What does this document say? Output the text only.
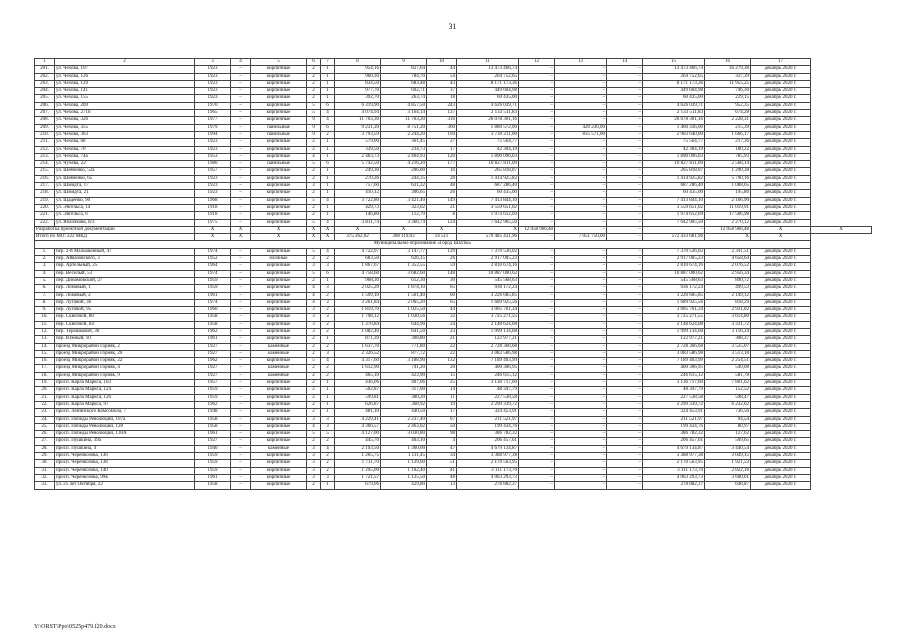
31
1	2	3	4	5	6	7	8	9	10	11	12	13	14	15	16	17	
201.	ул. Чехова, 107	1923	–	кирпичные	2	1	954,16	827,64	44	13 473 466,74	–	–	–	13 473 466,74	16 279,38	декабрь 2020 г.	
202.	ул. Чехова, 126	1923	–	кирпичные	2	1	960,30	784,70	54	264 752,65	–	–	–	264 752,65	337,39	декабрь 2020 г.	
203.	ул. Чехова, 129	1923	–	кирпичные	2	1	834,50	683,48	43	8 171 173,36	–	–	–	8 171 173,36	11 955,25	декабрь 2020 г.	
204.	ул. Чехова, 141	1923	–	кирпичные	2	1	977,70	602,71	37	449 604,98	–	–	–	449 604,98	746,30	декабрь 2020 г.	
205.	ул. Чехова, 155	1923	–	кирпичные	2	1	392,70	263,74	18	60 435,00	–	–	–	60 435,00	229,15	декабрь 2020 г.	
206.	ул. Чехова, 269	1970	–	кирпичные	5	6	6 319,90	4 857,50	243	4 626 039,71	–	–	–	4 626 039,71	952,35	декабрь 2020 г.	
207.	ул. Чехова, 271б	1965	–	кирпичные	5	4	4 074,94	3 164,14	137	2 133 511,83	–	–	–	2 133 511,83	674,28	декабрь 2020 г.	
208.	ул. Чехова, 326	1977	–	кирпичные	9	4	11 703,30	11 703,20	316	26 078 301,16	–	–	–	26 078 301,16	2 228,31	декабрь 2020 г.	
209.	ул. Чехова, 355	1979	–	панельные	9	6	9 231,20	8 751,20	360	1 880 572,00	–	420 236,00	–	1 460 336,00	215,39	декабрь 2020 г.	
210.	ул. Чехова, 363	1994	–	панельные	9	2	3 793,59	2 244,20	194	3 739 211,00	–	835 571,00	–	2 903 640,00	1 666,17	декабрь 2020 г.	
211.	ул. Чехова, 68	1923	–	кирпичные	2	1	579,00	361,45	27	75 564,77	–	–	–	75 564,77	217,36	декабрь 2020 г.	
212.	ул. Чехова, 70	1923	–	кирпичные	2	1	339,50	234,73	17	42 304,19	–	–	–	42 304,19	180,22	декабрь 2020 г.	
213.	ул. Чехова, 74а	1953	–	кирпичные	4	1	2 463,73	2 404,93	120	1 890 096,03	–	–	–	1 890 096,03	785,93	декабрь 2020 г.	
214.	ул. Чучева, 22	1980	–	панельные	5	6	5 742,50	4 216,20	177	10 827 811,09	–	–	–	10 827 811,09	2 568,14	декабрь 2020 г.	
215.	ул. Шевченко, 52а	1957	–	кирпичные	2	1	249,30	206,00	16	265 818,07	–	–	–	265 818,07	1 290,38	декабрь 2020 г.	
216.	ул. Шевченко, 65	1923	–	кирпичные	2	1	270,36	244,35	28	1 414 925,82	–	–	–	1 414 925,82	5 790,16	декабрь 2020 г.	
217.	ул. Шмидта, 17	1923	–	кирпичные	3	1	757,60	631,32	48	687 286,40	–	–	–	687 286,40	1 088,65	декабрь 2020 г.	
218.	ул. Шмидта, 21	1923	–	кирпичные	2	1	410,12	306,65	26	60 435,00	–	–	–	60 435,00	195,80	декабрь 2020 г.	
219.	ул. Щаденко, 90	1968	–	кирпичные	5	4	3 722,80	3 421,40	149	7 413 844,10	–	–	–	7 413 844,10	2 166,90	декабрь 2020 г.	
220.	ул. Энгельса, 14	1918	–	кирпичные	2	1	429,73	323,02	21	3 559 651,02	–	–	–	3 559 651,02	11 019,91	декабрь 2020 г.	
221.	ул. Энгельса, 6	1918	–	кирпичные	2	1	146,80	112,79	8	1 974 612,69	–	–	–	1 974 612,69	17 506,98	декабрь 2020 г.	
222.	ул. Яблочкова, 8/3	1975	–	кирпичные	5	4	3 811,74	3 366,74	124	7 642 905,50	–	–	–	7 642 905,50	2 270,12	декабрь 2020 г.	
Разработка проектной документации		X	X	X	X	X	X	X	X	X	12 058 966,48	–	–	–	12 058 966,48	X	X
Итого по МО: 222 МКД		X	X	X	X	X	375 262,02	308 119,03	14 511	579 485 431,96	–	7 051 750,00	–	572 433 681,96	X	X	
Муниципальное образование «Город Шахты»																	
1.	пер. 2-й Малышенный, 47	1974	–	кирпичные	5	4	4 722,97	3 147,77	129	7 370 536,02	–	–	–	7 370 536,02	2 341,51	декабрь 2020 г.	
2.	пер. Айвазовского, 3	1952	–	блочные	2	2	683,50	626,15	26	2 917 005,23	–	–	–	2 917 005,23	4 658,64	декабрь 2020 г.	
3.	пер. Артельный, 25	1964	–	кирпичные	3	3	1 867,67	1 353,55	59	2 810 674,16	–	–	–	2 810 674,16	2 076,52	декабрь 2020 г.	
4.	пер. Веселый, 53	1974	–	кирпичные	5	6	4 758,60	3 682,60	148	10 887 000,62	–	–	–	10 887 000,62	2 956,34	декабрь 2020 г.	
5.	пер. Динамовский, 27	1959	–	кирпичные	2	1	968,30	612,30	30	545 568,63	–	–	–	545 568,63	890,72	декабрь 2020 г.	
6.	пер. Ломовый, 1	1959	–	кирпичные	4	3	2 025,20	1 874,10	65	936 172,24	–	–	–	936 172,24	499,53	декабрь 2020 г.	
7.	пер. Ломовый, 2	1961	–	кирпичные	4	2	1 599,10	1 501,40	60	3 226 685,85	–	–	–	3 226 685,85	2 149,12	декабрь 2020 г.	
8.	пер. Луговой, 36	1974	–	кирпичные	4	3	3 261,84	2 065,20	65	1 689 925,56	–	–	–	1 689 925,56	818,29	декабрь 2020 г.	
9.	пер. Луговой, 95	1960	–	кирпичные	3	2	1 819,70	1 025,50	44	3 005 761,34	–	–	–	3 005 761,34	2 931,02	декабрь 2020 г.	
10.	пер. Сквозной, 80	1958	–	кирпичные	3	3	1 798,12	1 030,56	32	3 725 271,55	–	–	–	3 725 271,55	3 614,80	декабрь 2020 г.	
11.	пер. Сквозной, 84	1958	–	кирпичные	3	2	1 370,84	644,90	24	2 148 624,08	–	–	–	2 148 624,08	3 331,72	декабрь 2020 г.	
12.	пер. Терешковой, 30	1962	–	кирпичные	3	2	1 082,40	641,50	23	1 999 134,68	–	–	–	1 999 134,68	3 116,34	декабрь 2020 г.	
13.	пер. Южный, 10	1961	–	кирпичные	2	1	871,39	398,80	21	122 977,21	–	–	–	122 977,21	308,37	декабрь 2020 г.	
14.	проезд Микрорайон Горняк, 2	1927	–	каменные	2	2	1 637,70	771,80	22	2 728 366,68	–	–	–	2 728 366,68	3 535,07	декабрь 2020 г.	
15.	проезд Микрорайон Горняк, 20	1927	–	каменные	2	3	2 326,52	877,72	22	3 083 586,98	–	–	–	3 083 586,98	3 513,18	декабрь 2020 г.	
16.	проезд Микрорайон Горняк, 22	1962	–	кирпичные	5	4	4 317,60	3 188,90	132	7 189 403,99	–	–	–	7 189 403,99	2 254,51	декабрь 2020 г.	
17.	проезд Микрорайон Горняк, 4	1927	–	каменные	2	2	1 612,90	741,20	20	400 306,95	–	–	–	400 306,95	540,08	декабрь 2020 г.	
18.	проезд Микрорайон Горняк, 9	1927	–	каменные	2	2	465,10	423,90	15	246 615,12	–	–	–	246 615,12	581,78	декабрь 2020 г.	
19.	просп. Карла Маркса, 103	1957	–	кирпичные	2	1	436,06	407,06	25	3 136 717,60	–	–	–	3 136 717,60	7 801,62	декабрь 2020 г.	
20.	просп. Карла Маркса, 124	1959	–	кирпичные	2	1	502,87	317,00	14	48 347,79	–	–	–	48 347,79	152,52	декабрь 2020 г.	
21.	просп. Карла Маркса, 126	1959	–	кирпичные	2	1	599,81	380,20	11	227 538,58	–	–	–	227 538,58	598,47	декабрь 2020 г.	
22.	просп. Карла Маркса, 97	1962	–	кирпичные	2	1	626,87	368,92	19	2 299 339,72	–	–	–	2 299 339,72	6 232,62	декабрь 2020 г.	
23.	просп. Ленинского Комсомола, 7	1948	–	кирпичные	2	1	481,10	440,50	17	324 453,91	–	–	–	324 453,91	736,56	декабрь 2020 г.	
24.	просп. Победы Революции, 107а	1958	–	кирпичные	3	3	4 229,41	2 237,49	67	211 521,97	–	–	–	211 521,97	94,54	декабрь 2020 г.	
25.	просп. Победы Революции, 128	1958	–	кирпичные	4	3	4 366,57	2 463,02	50	199 434,76	–	–	–	199 434,76	80,97	декабрь 2020 г.	
26.	просп. Победы Революции, 130А	1961	–	кирпичные	5	5	4 127,00	3 030,80	98	386 782,32	–	–	–	386 782,32	127,62	декабрь 2020 г.	
27.	просп. Пушкина, 39а	1927	–	кирпичные	2	2	445,70	403,10	4	206 457,61	–	–	–	206 457,61	509,65	декабрь 2020 г.	
28.	просп. Пушкина, 4	1940	–	каменные	3	4	2 193,50	1 360,00	47	4 679 134,87	–	–	–	4 679 134,87	3 440,54	декабрь 2020 г.	
29.	просп. Черенкозова, 136	1959	–	кирпичные	3	2	1 265,75	1 111,45	34	3 388 977,38	–	–	–	3 388 977,38	3 049,15	декабрь 2020 г.	
30.	просп. Черенкозова, 138	1959	–	кирпичные	3	2	1 711,70	1 129,60	51	2 170 563,95	–	–	–	2 170 563,95	1 921,53	декабрь 2020 г.	
31.	просп. Черенкозова, 140	1959	–	кирпичные	3	2	1 295,00	1 102,40	41	3 111 173,70	–	–	–	3 111 173,70	2 822,18	декабрь 2020 г.	
32.	просп. Черенкозова, 99Б	1961	–	кирпичные	3	3	1 721,57	1 125,50	48	4 063 293,73	–	–	–	4 063 293,73	3 600,61	декабрь 2020 г.	
33.	ул. 25 лет Октября, 22	1958	–	кирпичные	2	1	679,06	429,80	13	278 882,37	–	–	–	278 882,37	648,87	декабрь 2020 г.	
Y:\ORST\Ppo\0525p479.f20.docx
